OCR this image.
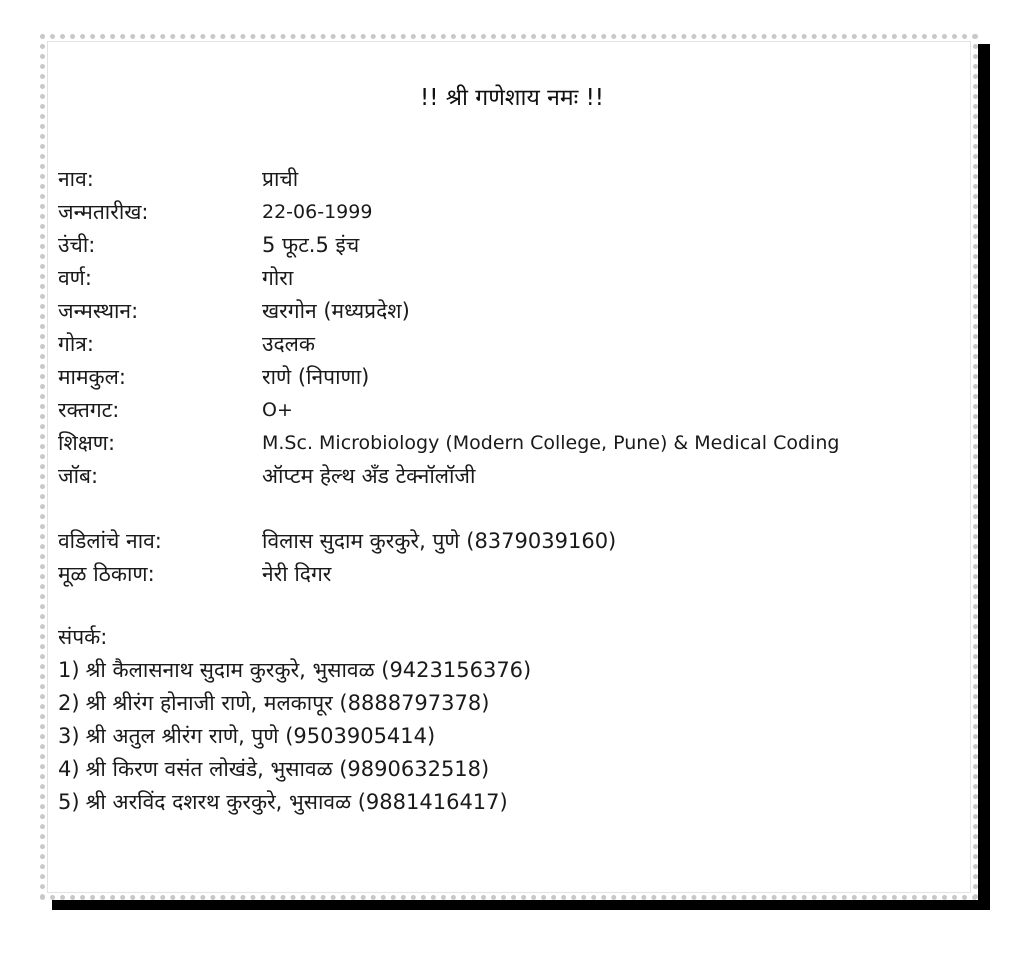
!! श्री गणेशाय नमः !!
नाव:	प्राची
जन्मतारीख:	22-06-1999
उंची:	5 फूट.5 इंच
वर्ण:	गोरा
जन्मस्थान:	खरगोन (मध्यप्रदेश)
गोत्र:	उदलक
मामकुल:	राणे (निपाणा)
रक्तगट:	O+
शिक्षण:	M.Sc. Microbiology (Modern College, Pune) & Medical Coding
जॉब:	ऑप्टम हेल्थ अँड टेक्नॉलॉजी
वडिलांचे नाव:	विलास सुदाम कुरकुरे, पुणे (8379039160)
मूळ ठिकाण:	नेरी दिगर
संपर्क:
1) श्री कैलासनाथ सुदाम कुरकुरे, भुसावळ (9423156376)
2) श्री श्रीरंग होनाजी राणे, मलकापूर (8888797378)
3) श्री अतुल श्रीरंग राणे, पुणे (9503905414)
4) श्री किरण वसंत लोखंडे, भुसावळ (9890632518)
5) श्री अरविंद दशरथ कुरकुरे, भुसावळ (9881416417)
